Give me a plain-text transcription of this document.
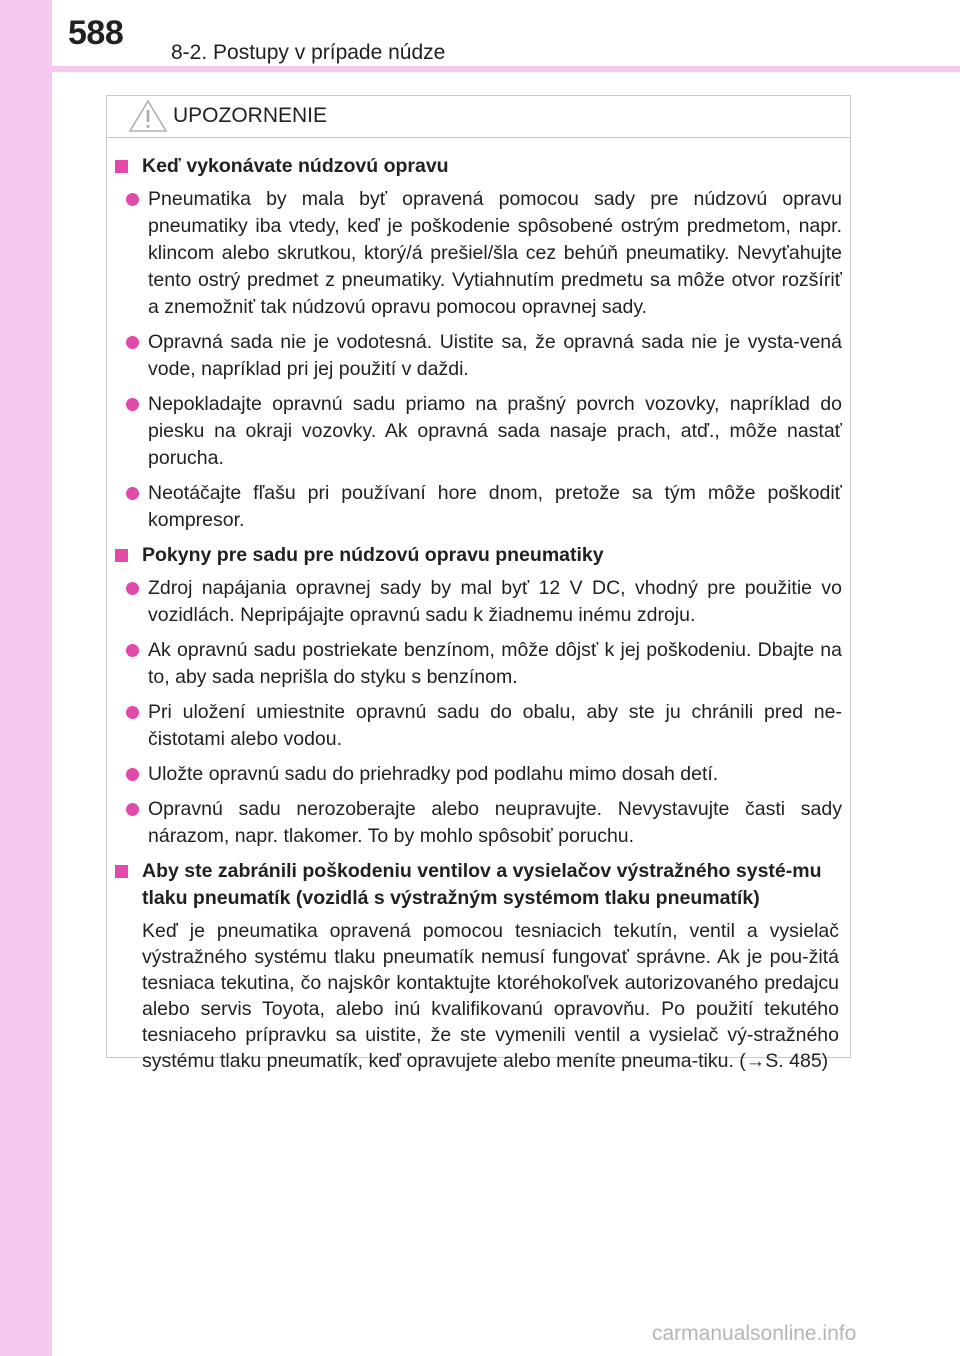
588
8-2. Postupy v prípade núdze
UPOZORNENIE
Keď vykonávate núdzovú opravu
Pneumatika by mala byť opravená pomocou sady pre núdzovú opravu pneumatiky iba vtedy, keď je poškodenie spôsobené ostrým predmetom, napr. klincom alebo skrutkou, ktorý/á prešiel/šla cez behúň pneumatiky. Nevyťahujte tento ostrý predmet z pneumatiky. Vytiahnutím predmetu sa môže otvor rozšíriť a znemožniť tak núdzovú opravu pomocou opravnej sady.
Opravná sada nie je vodotesná. Uistite sa, že opravná sada nie je vysta-vená vode, napríklad pri jej použití v daždi.
Nepokladajte opravnú sadu priamo na prašný povrch vozovky, napríklad do piesku na okraji vozovky. Ak opravná sada nasaje prach, atď., môže nastať porucha.
Neotáčajte fľašu pri používaní hore dnom, pretože sa tým môže poškodiť kompresor.
Pokyny pre sadu pre núdzovú opravu pneumatiky
Zdroj napájania opravnej sady by mal byť 12 V DC, vhodný pre použitie vo vozidlách. Nepripájajte opravnú sadu k žiadnemu inému zdroju.
Ak opravnú sadu postriekate benzínom, môže dôjsť k jej poškodeniu. Dbajte na to, aby sada neprišla do styku s benzínom.
Pri uložení umiestnite opravnú sadu do obalu, aby ste ju chránili pred ne-čistotami alebo vodou.
Uložte opravnú sadu do priehradky pod podlahu mimo dosah detí.
Opravnú sadu nerozoberajte alebo neupravujte. Nevystavujte časti sady nárazom, napr. tlakomer. To by mohlo spôsobiť poruchu.
Aby ste zabránili poškodeniu ventilov a vysielačov výstražného systé-mu tlaku pneumatík (vozidlá s výstražným systémom tlaku pneumatík)
Keď je pneumatika opravená pomocou tesniacich tekutín, ventil a vysielač výstražného systému tlaku pneumatík nemusí fungovať správne. Ak je pou-žitá tesniaca tekutina, čo najskôr kontaktujte ktoréhokoľvek autorizovaného predajcu alebo servis Toyota, alebo inú kvalifikovanú opravovňu. Po použití tekutého tesniaceho prípravku sa uistite, že ste vymenili ventil a vysielač vý-stražného systému tlaku pneumatík, keď opravujete alebo meníte pneuma-tiku. (→S. 485)
carmanualsonline.info
